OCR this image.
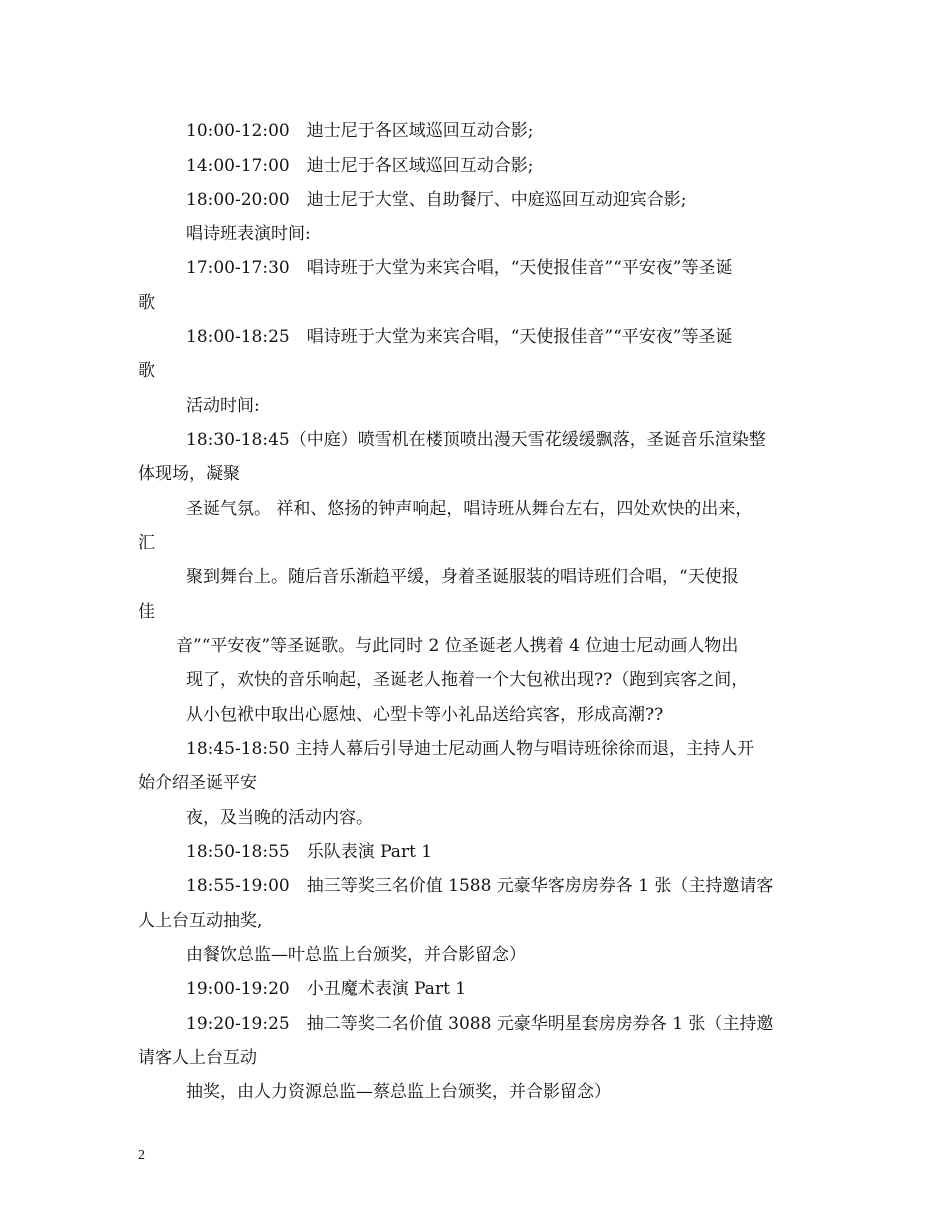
10:00-12:00　迪士尼于各区域巡回互动合影;
14:00-17:00　迪士尼于各区域巡回互动合影;
18:00-20:00　迪士尼于大堂、自助餐厅、中庭巡回互动迎宾合影;
唱诗班表演时间:
17:00-17:30　唱诗班于大堂为来宾合唱，“天使报佳音”“平安夜”等圣诞
歌
18:00-18:25　唱诗班于大堂为来宾合唱，“天使报佳音”“平安夜”等圣诞
歌
活动时间:
18:30-18:45（中庭）喷雪机在楼顶喷出漫天雪花缓缓飘落，圣诞音乐渲染整
体现场，凝聚
圣诞气氛。 祥和、悠扬的钟声响起，唱诗班从舞台左右，四处欢快的出来，
汇
聚到舞台上。随后音乐渐趋平缓，身着圣诞服装的唱诗班们合唱，“天使报
佳
音”“平安夜”等圣诞歌。与此同时 2 位圣诞老人携着 4 位迪士尼动画人物出
现了，欢快的音乐响起，圣诞老人拖着一个大包袱出现??（跑到宾客之间，
从小包袱中取出心愿烛、心型卡等小礼品送给宾客，形成高潮??
18:45-18:50 主持人幕后引导迪士尼动画人物与唱诗班徐徐而退，主持人开
始介绍圣诞平安
夜，及当晚的活动内容。
18:50-18:55　乐队表演 Part 1
18:55-19:00　抽三等奖三名价值 1588 元豪华客房房券各 1 张（主持邀请客
人上台互动抽奖,
由餐饮总监—叶总监上台颁奖，并合影留念）
19:00-19:20　小丑魔术表演 Part 1
19:20-19:25　抽二等奖二名价值 3088 元豪华明星套房房券各 1 张（主持邀
请客人上台互动
抽奖，由人力资源总监—蔡总监上台颁奖，并合影留念）
2
